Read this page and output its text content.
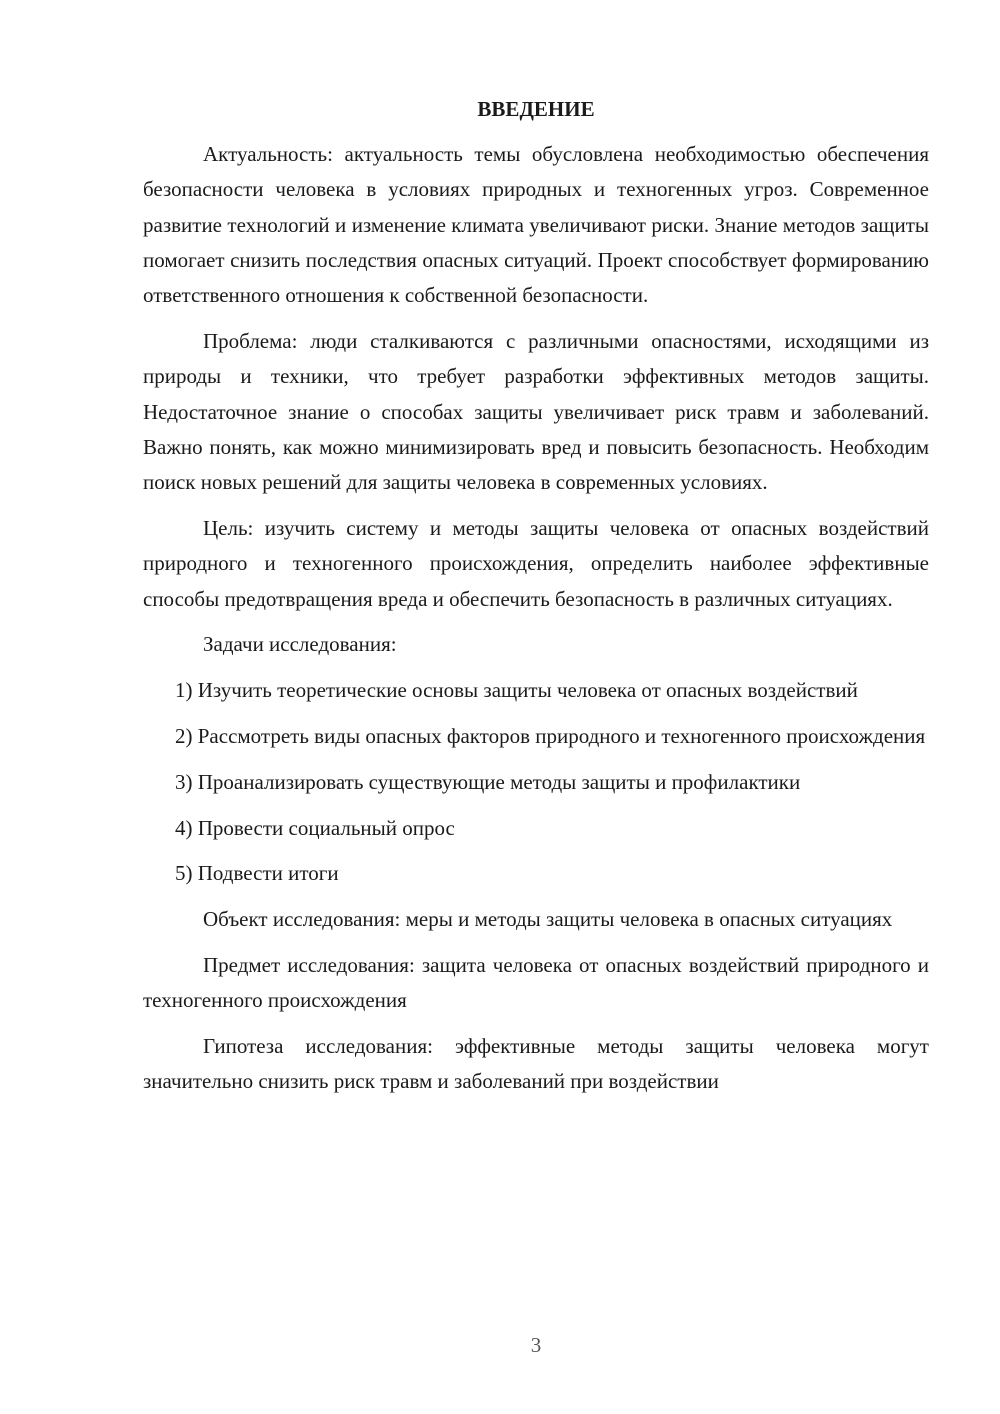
ВВЕДЕНИЕ

Актуальность: актуальность темы обусловлена необходимостью обеспечения безопасности человека в условиях природных и техногенных угроз. Современное развитие технологий и изменение климата увеличивают риски. Знание методов защиты помогает снизить последствия опасных ситуаций. Проект способствует формированию ответственного отношения к собственной безопасности.

Проблема: люди сталкиваются с различными опасностями, исходящими из природы и техники, что требует разработки эффективных методов защиты. Недостаточное знание о способах защиты увеличивает риск травм и заболеваний. Важно понять, как можно минимизировать вред и повысить безопасность. Необходим поиск новых решений для защиты человека в современных условиях.

Цель: изучить систему и методы защиты человека от опасных воздействий природного и техногенного происхождения, определить наиболее эффективные способы предотвращения вреда и обеспечить безопасность в различных ситуациях.

Задачи исследования:

1) Изучить теоретические основы защиты человека от опасных воздействий

2) Рассмотреть виды опасных факторов природного и техногенного происхождения

3) Проанализировать существующие методы защиты и профилактики

4) Провести социальный опрос

5) Подвести итоги

Объект исследования: меры и методы защиты человека в опасных ситуациях

Предмет исследования: защита человека от опасных воздействий природного и техногенного происхождения

Гипотеза исследования: эффективные методы защиты человека могут значительно снизить риск травм и заболеваний при воздействии

3
